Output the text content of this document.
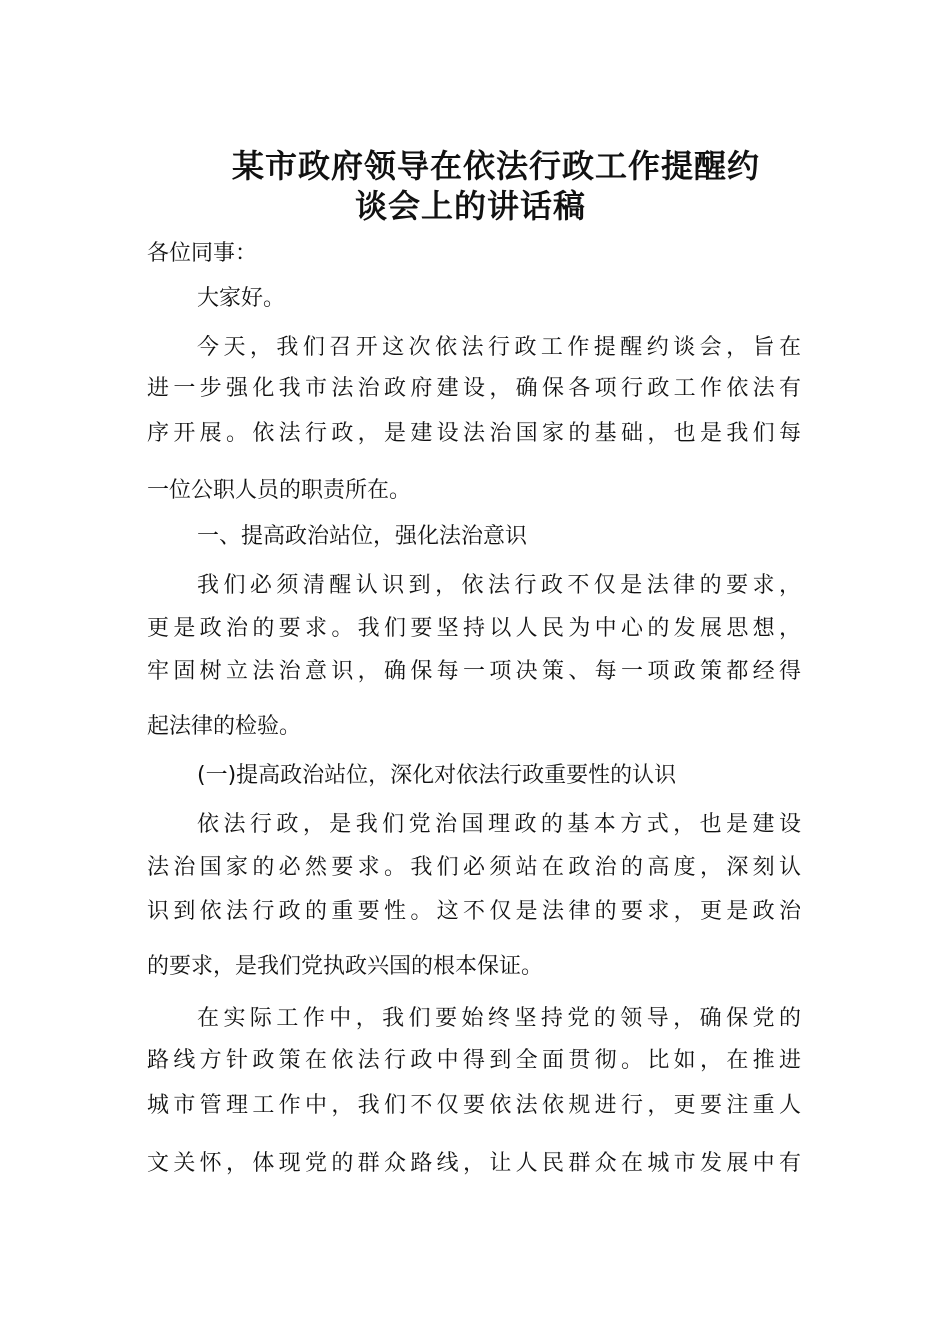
某市政府领导在依法行政工作提醒约
谈会上的讲话稿
各位同事：
大家好。
今天，我们召开这次依法行政工作提醒约谈会，旨在
进一步强化我市法治政府建设，确保各项行政工作依法有
序开展。依法行政，是建设法治国家的基础，也是我们每
一位公职人员的职责所在。
一、提高政治站位，强化法治意识
我们必须清醒认识到，依法行政不仅是法律的要求，
更是政治的要求。我们要坚持以人民为中心的发展思想，
牢固树立法治意识，确保每一项决策、每一项政策都经得
起法律的检验。
(一)提高政治站位，深化对依法行政重要性的认识
依法行政，是我们党治国理政的基本方式，也是建设
法治国家的必然要求。我们必须站在政治的高度，深刻认
识到依法行政的重要性。这不仅是法律的要求，更是政治
的要求，是我们党执政兴国的根本保证。
在实际工作中，我们要始终坚持党的领导，确保党的
路线方针政策在依法行政中得到全面贯彻。比如，在推进
城市管理工作中，我们不仅要依法依规进行，更要注重人
文关怀，体现党的群众路线，让人民群众在城市发展中有
